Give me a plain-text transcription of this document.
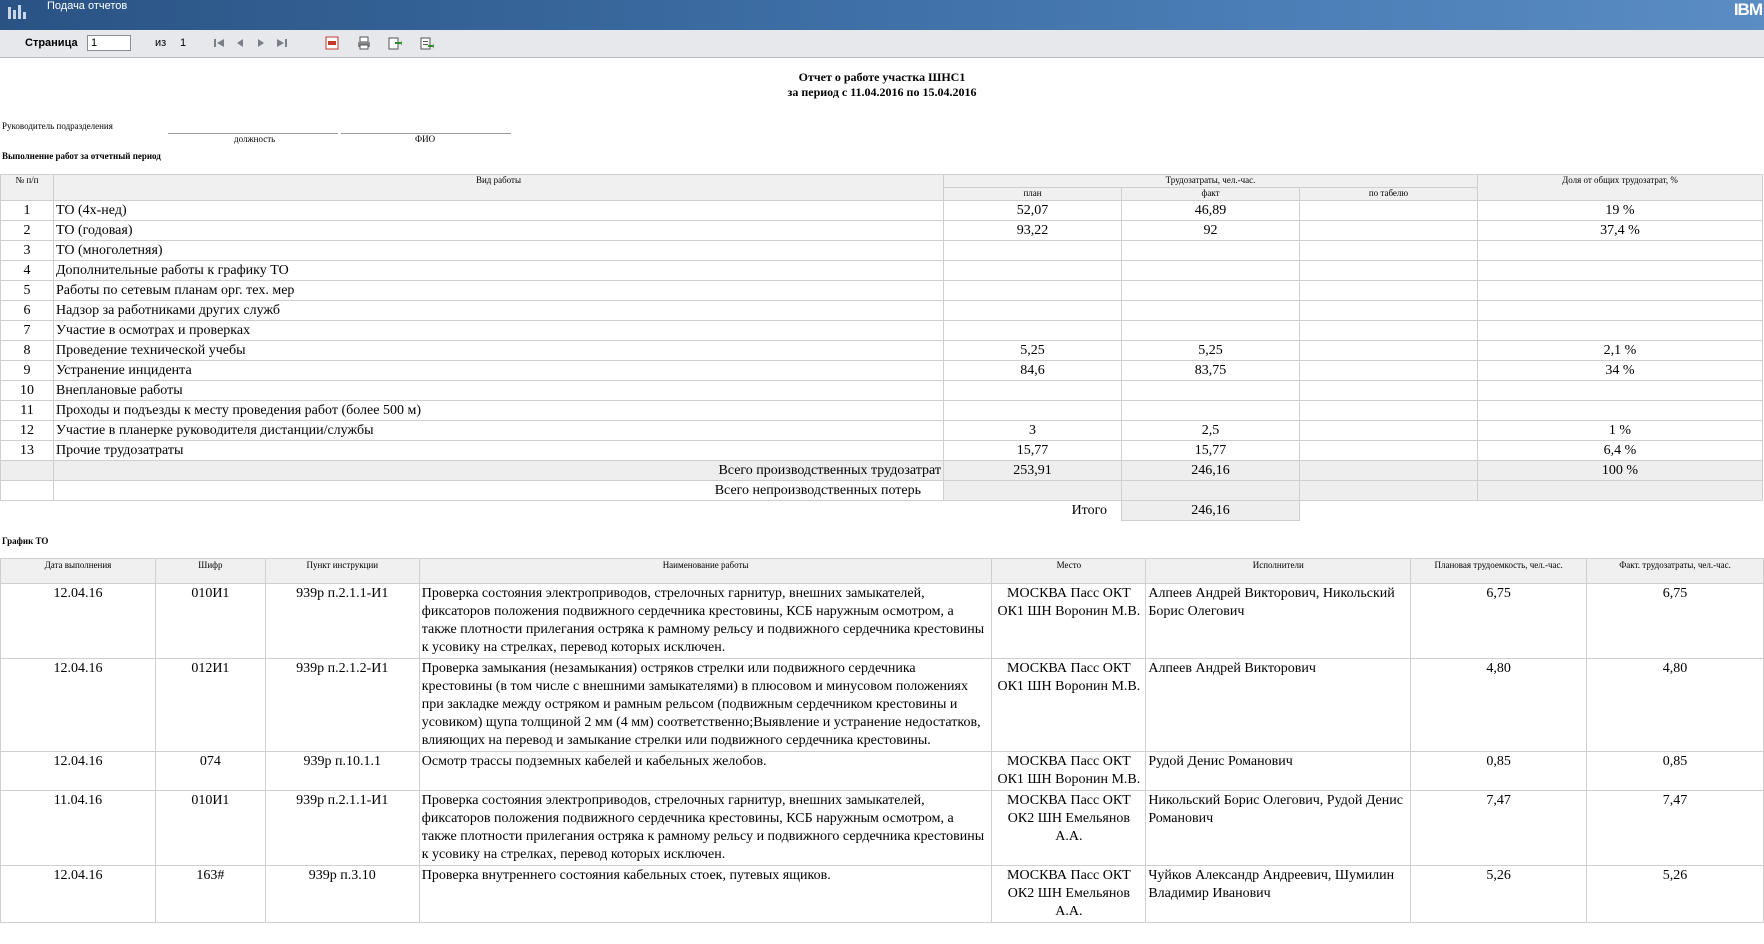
Подача отчетов	IBM
Страница
1	из 1
Отчет о работе участка ШНС1
за период с 11.04.2016 по 15.04.2016
Руководитель подразделения
должность	ФИО
Выполнение работ за отчетный период
График ТО
№ п/п	Вид работы	Трудозатраты, чел.-час.			Доля от общих трудозатрат, %
		план	факт	по табелю	
1	ТО (4х-нед)	52,07	46,89		19 %
2	ТО (годовая)	93,22	92		37,4 %
3	ТО (многолетняя)				
4	Дополнительные работы к графику ТО				
5	Работы по сетевым планам орг. тех. мер				
6	Надзор за работниками других служб				
7	Участие в осмотрах и проверках				
8	Проведение технической учебы	5,25	5,25		2,1 %
9	Устранение инцидента	84,6	83,75		34 %
10	Внеплановые работы				
11	Проходы и подъезды к месту проведения работ (более 500 м)				
12	Участие в планерке руководителя дистанции/службы	3	2,5		1 %
13	Прочие трудозатраты	15,77	15,77		6,4 %
	Всего производственных трудозатрат	253,91	246,16		100 %
	Всего непроизводственных потерь				
		Итого	246,16		
Дата выполнения	Шифр	Пункт инструкции	Наименование работы	Место	Исполнители	Плановая трудоемкость, чел.-час.	Факт. трудозатраты, чел.-час.
12.04.16	010И1	939р п.2.1.1-И1	Проверка состояния электроприводов, стрелочных гарнитур, внешних замыкателей, фиксаторов положения подвижного сердечника крестовины, КСБ наружным осмотром, а также плотности прилегания остряка к рамному рельсу и подвижного сердечника крестовины к усовику на стрелках, перевод которых исключен.	МОСКВА Пасс ОКТ ОК1 ШН Воронин М.В.	Алпеев Андрей Викторович, Никольский Борис Олегович	6,75	6,75
12.04.16	012И1	939р п.2.1.2-И1	Проверка замыкания (незамыкания) остряков стрелки или подвижного сердечника крестовины (в том числе с внешними замыкателями) в плюсовом и минусовом положениях при закладке между остряком и рамным рельсом (подвижным сердечником крестовины и усовиком) щупа толщиной 2 мм (4 мм) соответственно;Выявление и устранение недостатков, влияющих на перевод и замыкание стрелки или подвижного сердечника крестовины.	МОСКВА Пасс ОКТ ОК1 ШН Воронин М.В.	Алпеев Андрей Викторович	4,80	4,80
12.04.16	074	939р п.10.1.1	Осмотр трассы подземных кабелей и кабельных желобов.	МОСКВА Пасс ОКТ ОК1 ШН Воронин М.В.	Рудой Денис Романович	0,85	0,85
11.04.16	010И1	939р п.2.1.1-И1	Проверка состояния электроприводов, стрелочных гарнитур, внешних замыкателей, фиксаторов положения подвижного сердечника крестовины, КСБ наружным осмотром, а также плотности прилегания остряка к рамному рельсу и подвижного сердечника крестовины к усовику на стрелках, перевод которых исключен.	МОСКВА Пасс ОКТ ОК2 ШН Емельянов А.А.	Никольский Борис Олегович, Рудой Денис Романович	7,47	7,47
12.04.16	163#	939р п.3.10	Проверка внутреннего состояния кабельных стоек, путевых ящиков.	МОСКВА Пасс ОКТ ОК2 ШН Емельянов А.А.	Чуйков Александр Андреевич, Шумилин Владимир Иванович	5,26	5,26
